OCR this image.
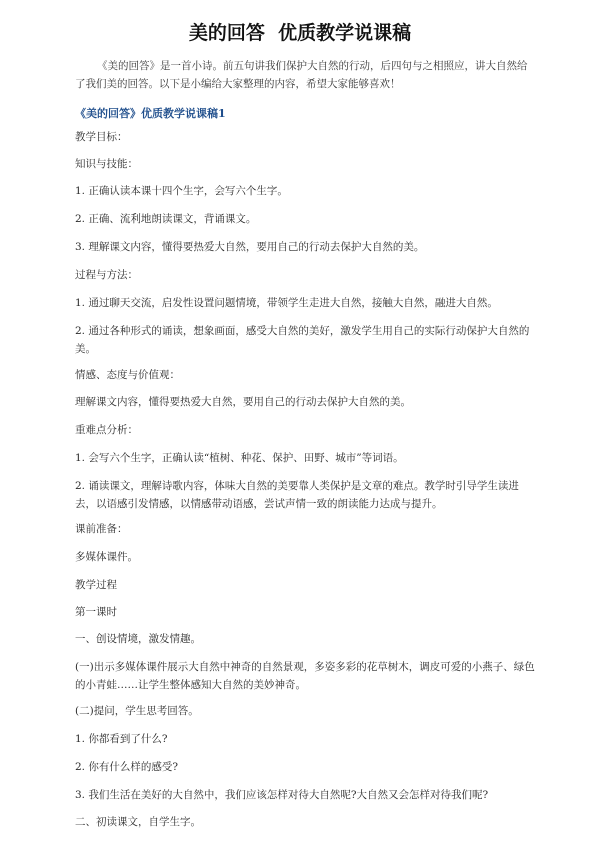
美的回答  优质教学说课稿
《美的回答》是一首小诗。前五句讲我们保护大自然的行动，后四句与之相照应，讲大自然给了我们美的回答。以下是小编给大家整理的内容，希望大家能够喜欢！
《美的回答》优质教学说课稿1
教学目标：
知识与技能：
1. 正确认读本课十四个生字，会写六个生字。
2. 正确、流利地朗读课文，背诵课文。
3. 理解课文内容，懂得要热爱大自然，要用自己的行动去保护大自然的美。
过程与方法：
1. 通过聊天交流，启发性设置问题情境，带领学生走进大自然，接触大自然，融进大自然。
2. 通过各种形式的诵读，想象画面，感受大自然的美好，激发学生用自己的实际行动保护大自然的美。
情感、态度与价值观：
理解课文内容，懂得要热爱大自然，要用自己的行动去保护大自然的美。
重难点分析：
1. 会写六个生字，正确认读“植树、种花、保护、田野、城市”等词语。
2. 诵读课文，理解诗歌内容，体味大自然的美要靠人类保护是文章的难点。教学时引导学生读进去，以语感引发情感，以情感带动语感，尝试声情一致的朗读能力达成与提升。
课前准备：
多媒体课件。
教学过程
第一课时
一、创设情境，激发情趣。
(一)出示多媒体课件展示大自然中神奇的自然景观，多姿多彩的花草树木，调皮可爱的小燕子、绿色的小青蛙……让学生整体感知大自然的美妙神奇。
(二)提问，学生思考回答。
1. 你都看到了什么?
2. 你有什么样的感受?
3. 我们生活在美好的大自然中，我们应该怎样对待大自然呢?大自然又会怎样对待我们呢?
二、初读课文，自学生字。
